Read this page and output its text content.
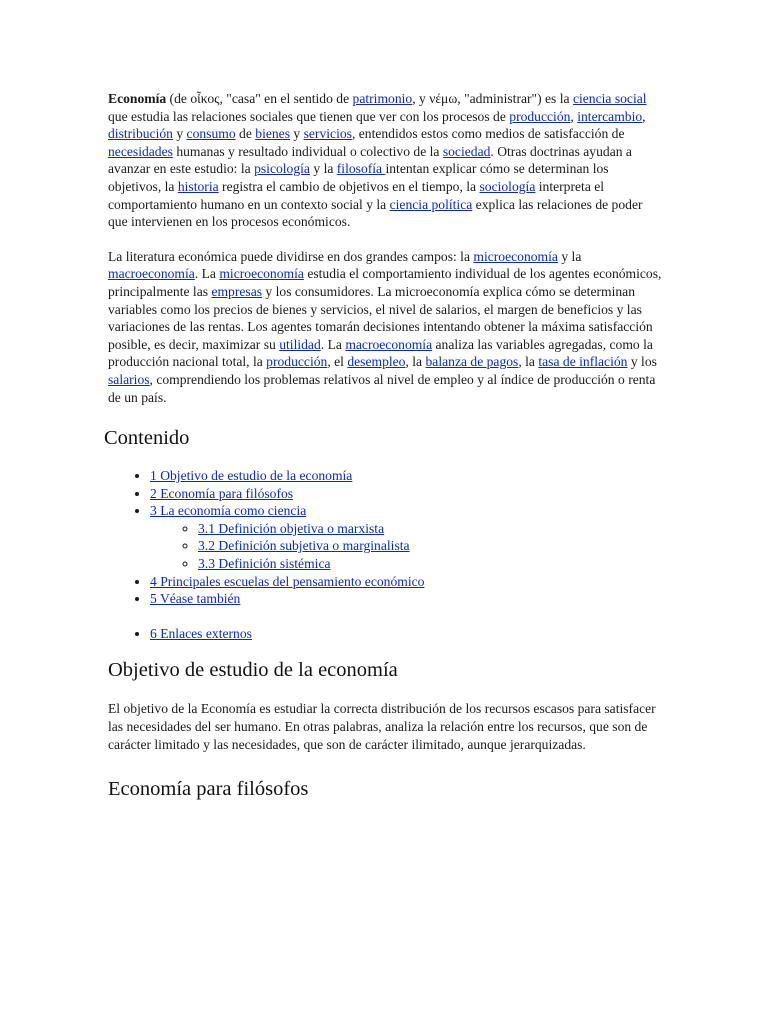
Economía (de οἶκος, "casa" en el sentido de patrimonio, y νέμω, "administrar") es la ciencia social que estudia las relaciones sociales que tienen que ver con los procesos de producción, intercambio, distribución y consumo de bienes y servicios, entendidos estos como medios de satisfacción de necesidades humanas y resultado individual o colectivo de la sociedad. Otras doctrinas ayudan a avanzar en este estudio: la psicología y la filosofía intentan explicar cómo se determinan los objetivos, la historia registra el cambio de objetivos en el tiempo, la sociología interpreta el comportamiento humano en un contexto social y la ciencia política explica las relaciones de poder que intervienen en los procesos económicos.

La literatura económica puede dividirse en dos grandes campos: la microeconomía y la macroeconomía. La microeconomía estudia el comportamiento individual de los agentes económicos, principalmente las empresas y los consumidores. La microeconomía explica cómo se determinan variables como los precios de bienes y servicios, el nivel de salarios, el margen de beneficios y las variaciones de las rentas. Los agentes tomarán decisiones intentando obtener la máxima satisfacción posible, es decir, maximizar su utilidad. La macroeconomía analiza las variables agregadas, como la producción nacional total, la producción, el desempleo, la balanza de pagos, la tasa de inflación y los salarios, comprendiendo los problemas relativos al nivel de empleo y al índice de producción o renta de un país.

Contenido
• 1 Objetivo de estudio de la economía
• 2 Economía para filósofos
• 3 La economía como ciencia
◦ 3.1 Definición objetiva o marxista
◦ 3.2 Definición subjetiva o marginalista
◦ 3.3 Definición sistémica
• 4 Principales escuelas del pensamiento económico
• 5 Véase también
• 6 Enlaces externos
Objetivo de estudio de la economía

El objetivo de la Economía es estudiar la correcta distribución de los recursos escasos para satisfacer las necesidades del ser humano. En otras palabras, analiza la relación entre los recursos, que son de carácter limitado y las necesidades, que son de carácter ilimitado, aunque jerarquizadas.

Economía para filósofos
